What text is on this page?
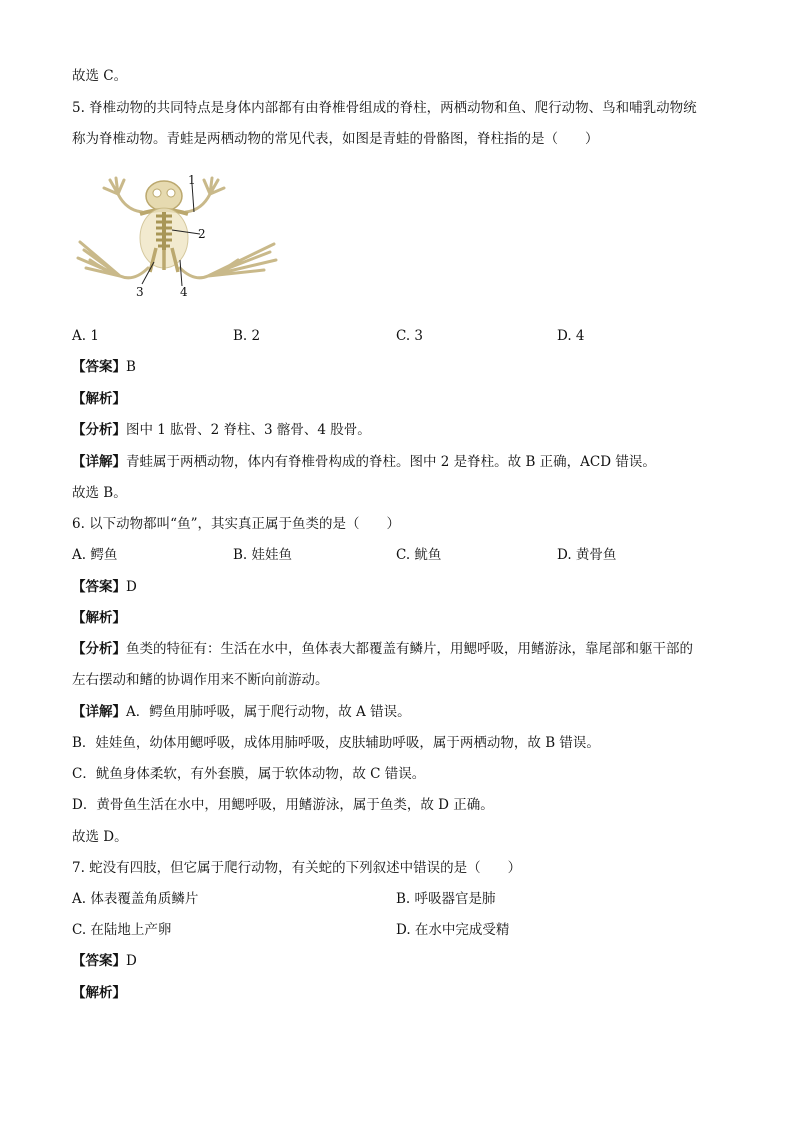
故选 C。
5. 脊椎动物的共同特点是身体内部都有由脊椎骨组成的脊柱，两栖动物和鱼、爬行动物、鸟和哺乳动物统
称为脊椎动物。青蛙是两栖动物的常见代表，如图是青蛙的骨骼图，脊柱指的是（　　）
1
2
3	4
A. 1	B. 2	C. 3	D. 4
【答案】B
【解析】
【分析】图中 1 肱骨、2 脊柱、3 髂骨、4 股骨。
【详解】青蛙属于两栖动物，体内有脊椎骨构成的脊柱。图中 2 是脊柱。故 B 正确，ACD 错误。
故选 B。
6. 以下动物都叫“鱼”，其实真正属于鱼类的是（　　）
A. 鳄鱼	B. 娃娃鱼	C. 鱿鱼	D. 黄骨鱼
【答案】D
【解析】
【分析】鱼类的特征有：生活在水中，鱼体表大都覆盖有鳞片，用鳃呼吸，用鳍游泳，靠尾部和躯干部的
左右摆动和鳍的协调作用来不断向前游动。
【详解】A．鳄鱼用肺呼吸，属于爬行动物，故 A 错误。
B．娃娃鱼，幼体用鳃呼吸，成体用肺呼吸，皮肤辅助呼吸，属于两栖动物，故 B 错误。
C．鱿鱼身体柔软，有外套膜，属于软体动物，故 C 错误。
D．黄骨鱼生活在水中，用鳃呼吸，用鳍游泳，属于鱼类，故 D 正确。
故选 D。
7. 蛇没有四肢，但它属于爬行动物，有关蛇的下列叙述中错误的是（　　）
A. 体表覆盖角质鳞片	B. 呼吸器官是肺
C. 在陆地上产卵	D. 在水中完成受精
【答案】D
【解析】
